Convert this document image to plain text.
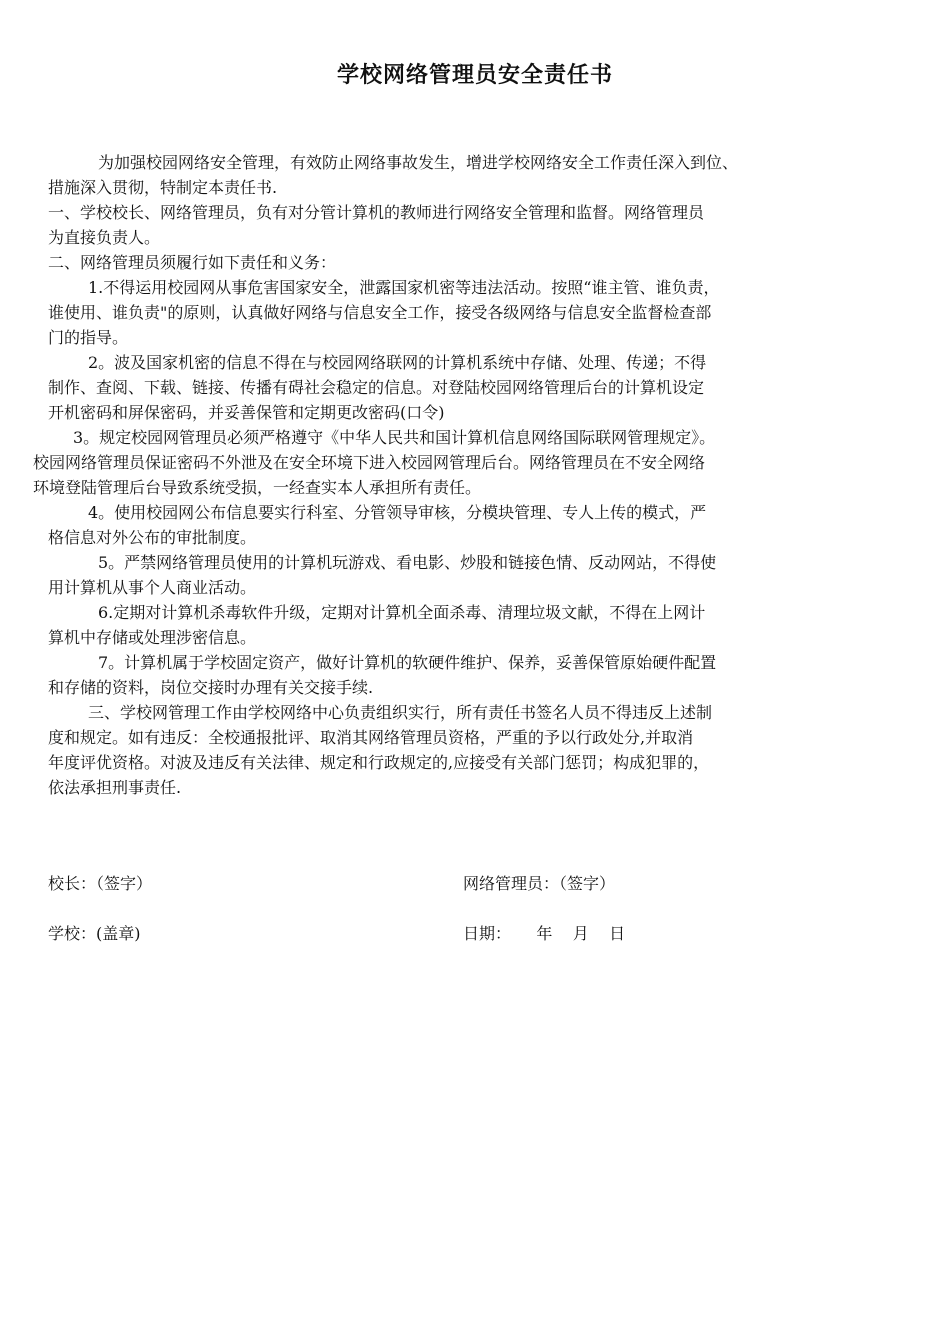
学校网络管理员安全责任书
为加强校园网络安全管理，有效防止网络事故发生，增进学校网络安全工作责任深入到位、
措施深入贯彻，特制定本责任书.
一、学校校长、网络管理员，负有对分管计算机的教师进行网络安全管理和监督。网络管理员
为直接负责人。
二、网络管理员须履行如下责任和义务：
1.不得运用校园网从事危害国家安全，泄露国家机密等违法活动。按照“谁主管、谁负责，
谁使用、谁负责"的原则，认真做好网络与信息安全工作，接受各级网络与信息安全监督检查部
门的指导。
2。波及国家机密的信息不得在与校园网络联网的计算机系统中存储、处理、传递；不得
制作、查阅、下载、链接、传播有碍社会稳定的信息。对登陆校园网络管理后台的计算机设定
开机密码和屏保密码，并妥善保管和定期更改密码(口令)
3。规定校园网管理员必须严格遵守《中华人民共和国计算机信息网络国际联网管理规定》。
校园网络管理员保证密码不外泄及在安全环境下进入校园网管理后台。网络管理员在不安全网络
环境登陆管理后台导致系统受损，一经查实本人承担所有责任。
4。使用校园网公布信息要实行科室、分管领导审核，分模块管理、专人上传的模式，严
格信息对外公布的审批制度。
5。严禁网络管理员使用的计算机玩游戏、看电影、炒股和链接色情、反动网站，不得使
用计算机从事个人商业活动。
6.定期对计算机杀毒软件升级，定期对计算机全面杀毒、清理垃圾文献，不得在上网计
算机中存储或处理涉密信息。
7。计算机属于学校固定资产，做好计算机的软硬件维护、保养，妥善保管原始硬件配置
和存储的资料，岗位交接时办理有关交接手续.
三、学校网管理工作由学校网络中心负责组织实行，所有责任书签名人员不得违反上述制
度和规定。如有违反：全校通报批评、取消其网络管理员资格，严重的予以行政处分,并取消
年度评优资格。对波及违反有关法律、规定和行政规定的,应接受有关部门惩罚；构成犯罪的，
依法承担刑事责任.
校长：（签字）	网络管理员：（签字）
学校：(盖章)	日期：     年    月    日
